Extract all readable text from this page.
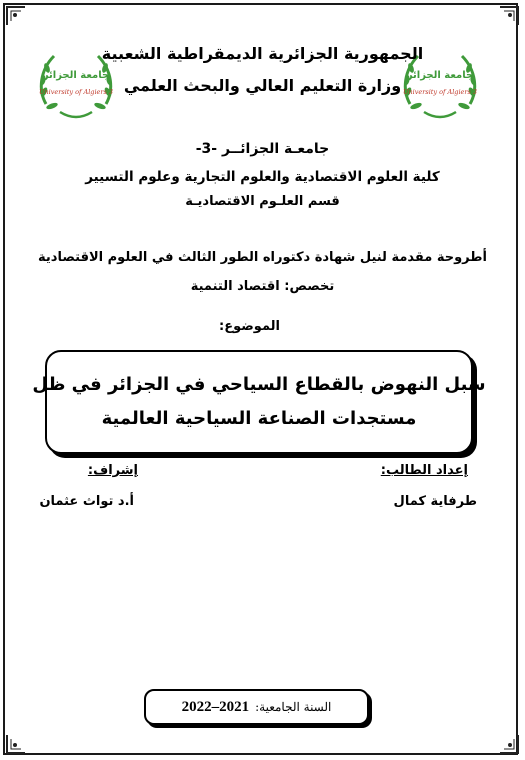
جامعة الجزائر
University of Algiers 3
جامعة الجزائر
University of Algiers 3
الجمهورية الجزائرية الديمقراطية الشعبية
وزارة التعليم العالي والبحث العلمي
جامعـة الجزائــر -3-
كلية العلوم الاقتصادية والعلوم التجارية وعلوم التسيير
قسم العلـوم الاقتصاديـة
أطروحة مقدمة لنيل شهادة دكتوراه الطور الثالث في العلوم الاقتصادية
تخصص: اقتصاد التنمية
الموضوع:
سبل النهوض بالقطاع السياحي في الجزائر في ظل
مستجدات الصناعة السياحية العالمية
إعداد الطالب:
إشراف:
طرفاية كمال
أ.د تواث عثمان
السنة الجامعية:
2022–2021
